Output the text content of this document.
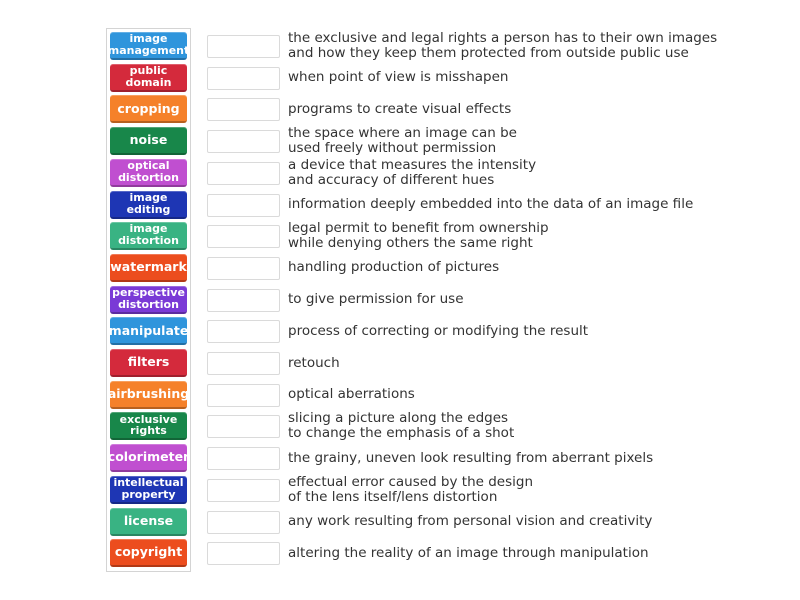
image management
public domain
cropping
noise
optical distortion
image editing
image distortion
watermark
perspective distortion
manipulate
filters
airbrushing
exclusive rights
colorimeter
intellectual property
license
copyright
the exclusive and legal rights a person has to their own images
and how they keep them protected from outside public use
when point of view is misshapen
programs to create visual effects
the space where an image can be
used freely without permission
a device that measures the intensity
and accuracy of different hues
information deeply embedded into the data of an image file
legal permit to benefit from ownership
while denying others the same right
handling production of pictures
to give permission for use
process of correcting or modifying the result
retouch
optical aberrations
slicing a picture along the edges
to change the emphasis of a shot
the grainy, uneven look resulting from aberrant pixels
effectual error caused by the design
of the lens itself/lens distortion
any work resulting from personal vision and creativity
altering the reality of an image through manipulation
